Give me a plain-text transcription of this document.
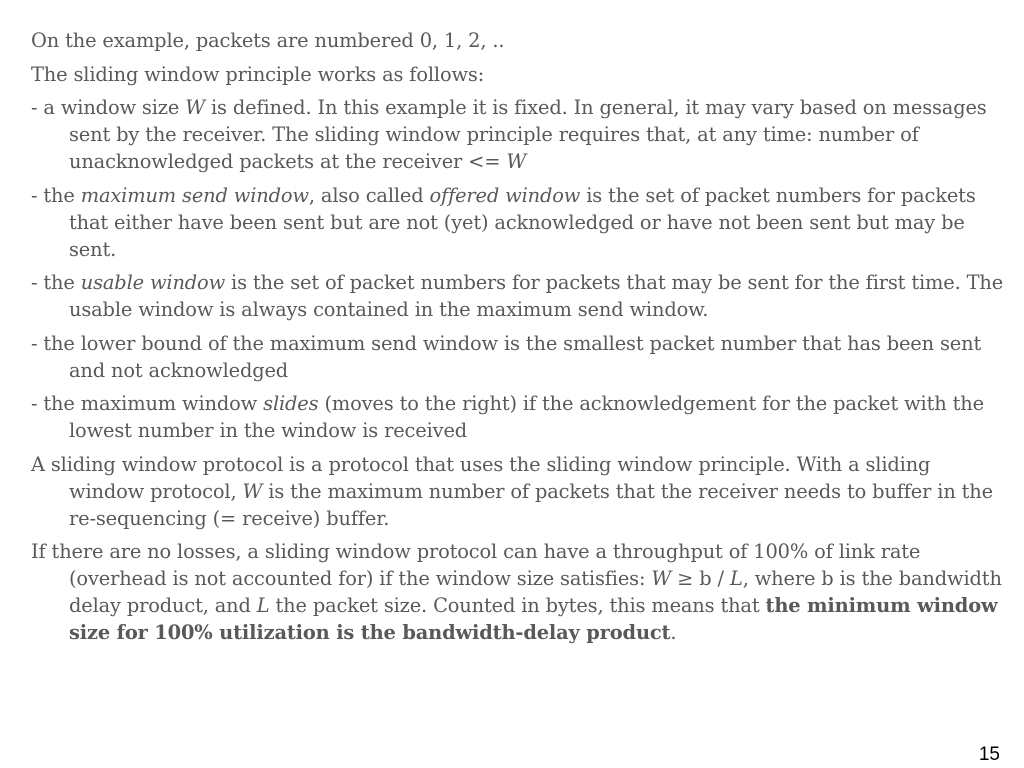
On the example, packets are numbered 0, 1, 2, ..

The sliding window principle works as follows:

- a window size W is defined. In this example it is fixed. In general, it may vary based on messages sent by the receiver. The sliding window principle requires that, at any time: number of unacknowledged packets at the receiver <= W

- the maximum send window, also called offered window is the set of packet numbers for packets that either have been sent but are not (yet) acknowledged or have not been sent but may be sent.

- the usable window is the set of packet numbers for packets that may be sent for the first time. The usable window is always contained in the maximum send window.

- the lower bound of the maximum send window is the smallest packet number that has been sent and not acknowledged

- the maximum window slides (moves to the right) if the acknowledgement for the packet with the lowest number in the window is received

A sliding window protocol is a protocol that uses the sliding window principle. With a sliding window protocol, W is the maximum number of packets that the receiver needs to buffer in the re-sequencing (= receive) buffer.

If there are no losses, a sliding window protocol can have a throughput of 100% of link rate (overhead is not accounted for) if the window size satisfies: W ≥ b / L, where b is the bandwidth delay product, and L the packet size. Counted in bytes, this means that the minimum window size for 100% utilization is the bandwidth-delay product.

15
